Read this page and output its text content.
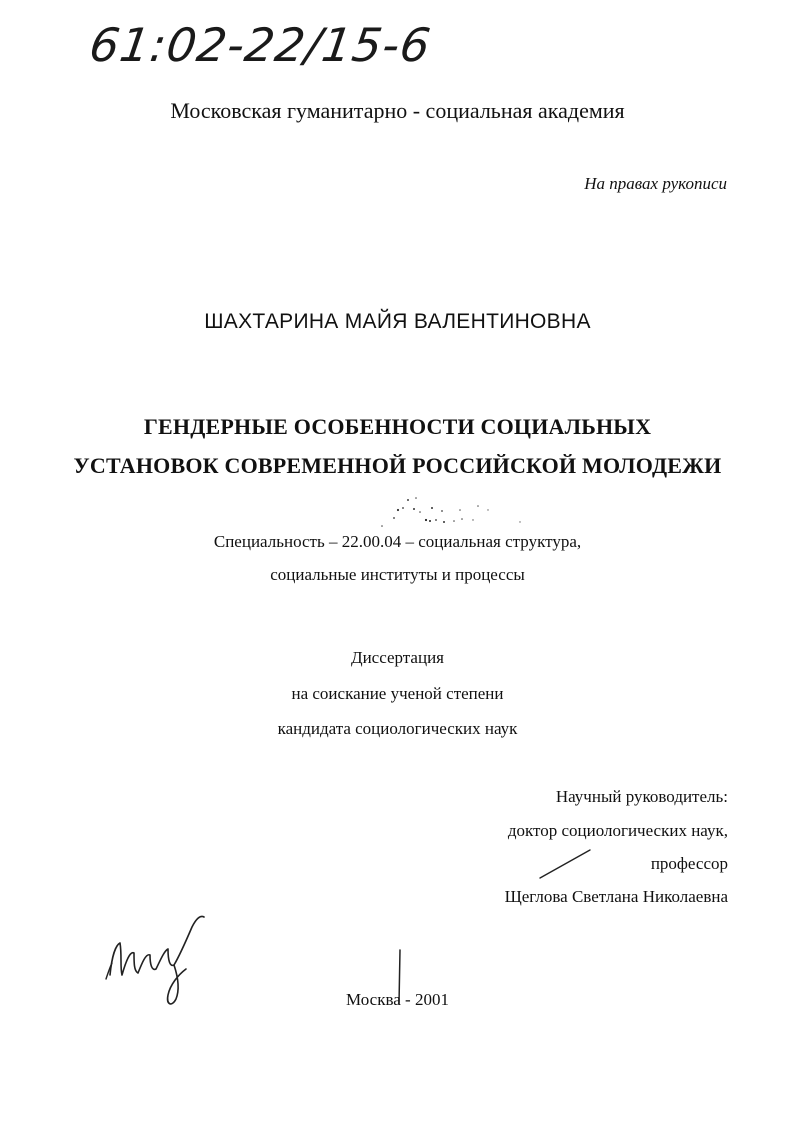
61:02-22/15-6
Московская гуманитарно - социальная академия
На правах рукописи
ШАХТАРИНА МАЙЯ ВАЛЕНТИНОВНА
ГЕНДЕРНЫЕ ОСОБЕННОСТИ СОЦИАЛЬНЫХ
УСТАНОВОК СОВРЕМЕННОЙ РОССИЙСКОЙ МОЛОДЕЖИ
Специальность – 22.00.04 – социальная структура,
социальные институты и процессы
Диссертация
на соискание ученой степени
кандидата социологических наук
Научный руководитель:
доктор социологических наук,
профессор
Щеглова Светлана Николаевна
Москва - 2001
